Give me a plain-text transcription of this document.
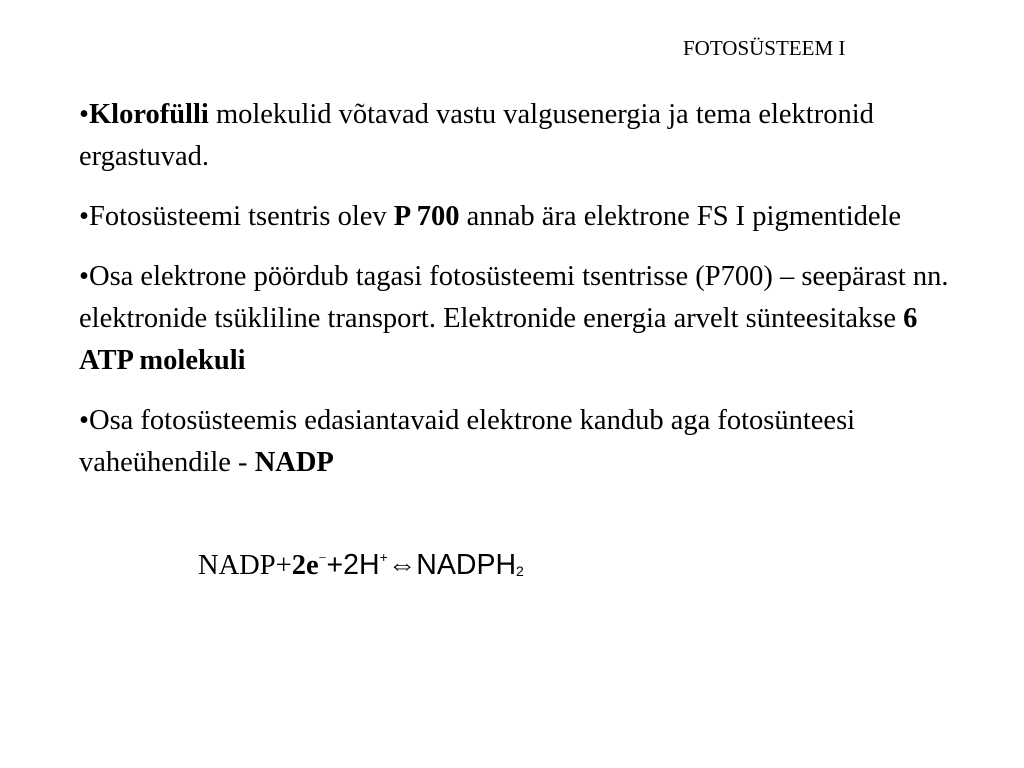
FOTOSÜSTEEM I
•Klorofülli molekulid võtavad vastu valgusenergia ja tema elektronid ergastuvad.
•Fotosüsteemi tsentris olev P 700 annab ära elektrone FS I pigmentidele
•Osa elektrone pöördub tagasi fotosüsteemi tsentrisse (P700) – seepärast nn. elektronide tsükliline transport. Elektronide energia arvelt sünteesitakse 6 ATP molekuli
•Osa fotosüsteemis edasiantavaid elektrone kandub aga fotosünteesi vaheühendile - NADP
NADP+2e−+2H+⇔NADPH2
